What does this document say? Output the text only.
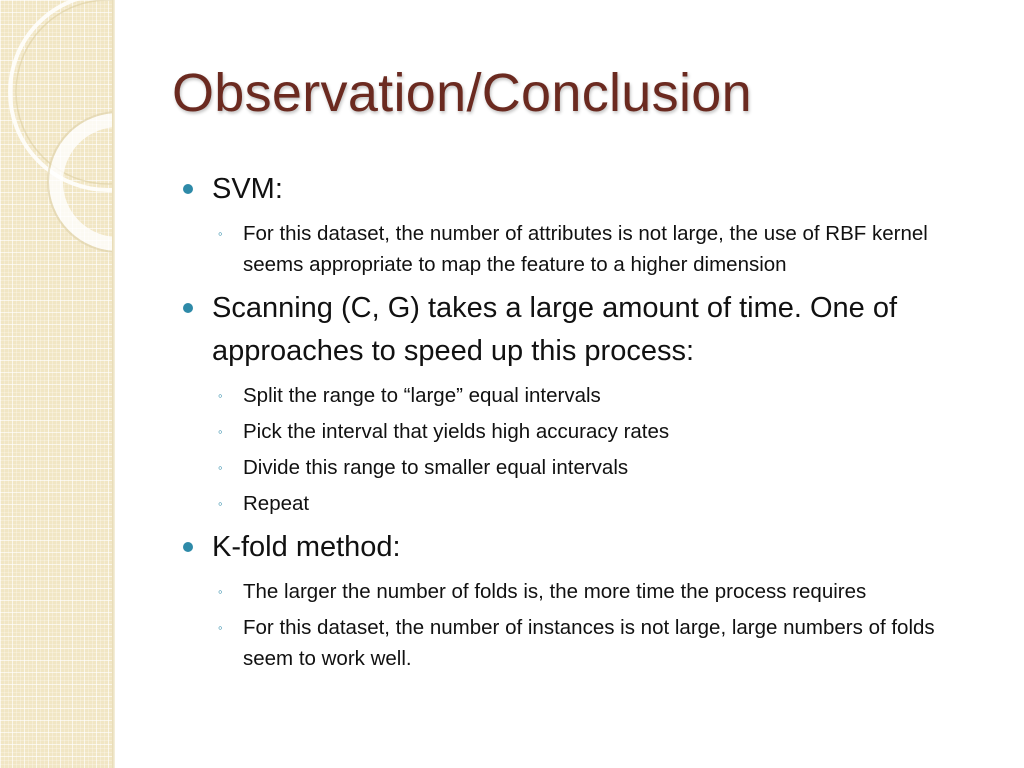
Observation/Conclusion
SVM:
◦ For this dataset, the number of attributes is not large, the use of RBF kernel seems appropriate to map the feature to a higher dimension
Scanning (C, G) takes a large amount of time. One of approaches to speed up this process:
◦ Split the range to “large” equal intervals
◦ Pick the interval that yields high accuracy rates
◦ Divide this range to smaller equal intervals
◦ Repeat
K-fold method:
◦ The larger the number of folds is, the more time the process requires
◦ For this dataset, the number of instances is not large, large numbers of folds seem to work well.
